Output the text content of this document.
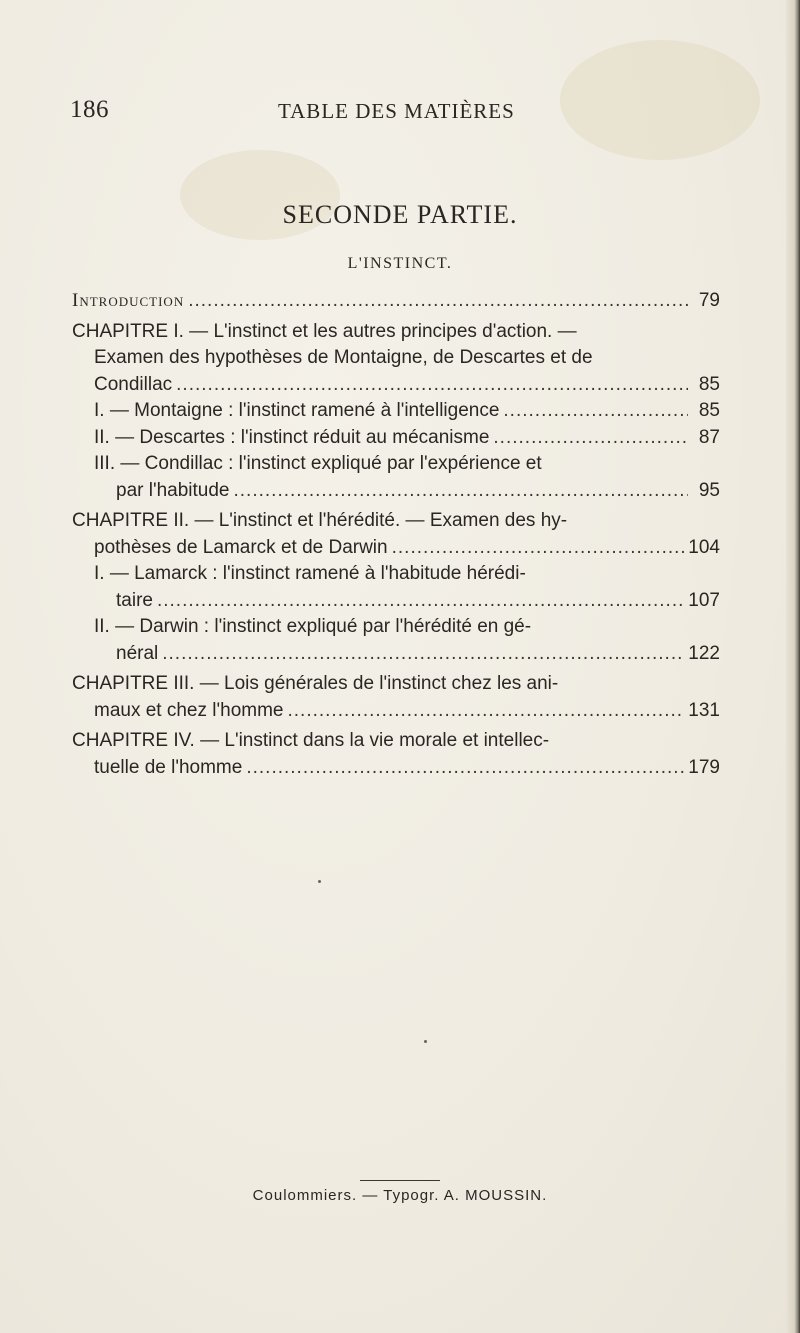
186	TABLE DES MATIÈRES
SECONDE PARTIE.
L'INSTINCT.
Introduction .....	79
CHAPITRE I. — L'instinct et les autres principes d'action. —
Examen des hypothèses de Montaigne, de Descartes et de
Condillac .....	85
I. — Montaigne : l'instinct ramené à l'intelligence .....	85
II. — Descartes : l'instinct réduit au mécanisme .....	87
III. — Condillac : l'instinct expliqué par l'expérience et
par l'habitude .....	95
CHAPITRE II. — L'instinct et l'hérédité. — Examen des hy-
pothèses de Lamarck et de Darwin .....	104
I. — Lamarck : l'instinct ramené à l'habitude hérédi-
taire .....	107
II. — Darwin : l'instinct expliqué par l'hérédité en gé-
néral .....	122
CHAPITRE III. — Lois générales de l'instinct chez les ani-
maux et chez l'homme .....	131
CHAPITRE IV. — L'instinct dans la vie morale et intellec-
tuelle de l'homme .....	179
Coulommiers. — Typogr. A. MOUSSIN.
